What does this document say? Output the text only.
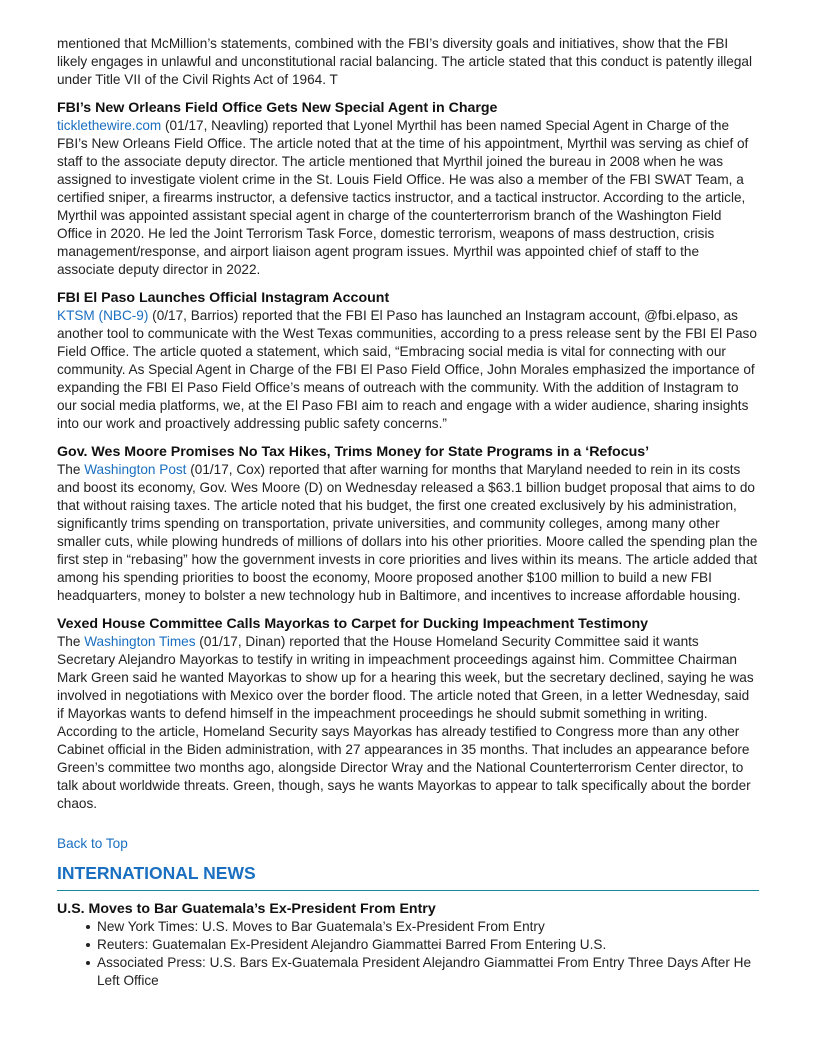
mentioned that McMillion’s statements, combined with the FBI’s diversity goals and initiatives, show that the FBI likely engages in unlawful and unconstitutional racial balancing. The article stated that this conduct is patently illegal under Title VII of the Civil Rights Act of 1964. T

FBI’s New Orleans Field Office Gets New Special Agent in Charge

ticklethewire.com (01/17, Neavling) reported that Lyonel Myrthil has been named Special Agent in Charge of the FBI’s New Orleans Field Office. The article noted that at the time of his appointment, Myrthil was serving as chief of staff to the associate deputy director. The article mentioned that Myrthil joined the bureau in 2008 when he was assigned to investigate violent crime in the St. Louis Field Office. He was also a member of the FBI SWAT Team, a certified sniper, a firearms instructor, a defensive tactics instructor, and a tactical instructor. According to the article, Myrthil was appointed assistant special agent in charge of the counterterrorism branch of the Washington Field Office in 2020. He led the Joint Terrorism Task Force, domestic terrorism, weapons of mass destruction, crisis management/response, and airport liaison agent program issues. Myrthil was appointed chief of staff to the associate deputy director in 2022.

FBI El Paso Launches Official Instagram Account

KTSM (NBC-9) (0/17, Barrios) reported that the FBI El Paso has launched an Instagram account, @fbi.elpaso, as another tool to communicate with the West Texas communities, according to a press release sent by the FBI El Paso Field Office. The article quoted a statement, which said, “Embracing social media is vital for connecting with our community. As Special Agent in Charge of the FBI El Paso Field Office, John Morales emphasized the importance of expanding the FBI El Paso Field Office’s means of outreach with the community. With the addition of Instagram to our social media platforms, we, at the El Paso FBI aim to reach and engage with a wider audience, sharing insights into our work and proactively addressing public safety concerns.”

Gov. Wes Moore Promises No Tax Hikes, Trims Money for State Programs in a ‘Refocus’

The Washington Post (01/17, Cox) reported that after warning for months that Maryland needed to rein in its costs and boost its economy, Gov. Wes Moore (D) on Wednesday released a $63.1 billion budget proposal that aims to do that without raising taxes. The article noted that his budget, the first one created exclusively by his administration, significantly trims spending on transportation, private universities, and community colleges, among many other smaller cuts, while plowing hundreds of millions of dollars into his other priorities. Moore called the spending plan the first step in “rebasing” how the government invests in core priorities and lives within its means. The article added that among his spending priorities to boost the economy, Moore proposed another $100 million to build a new FBI headquarters, money to bolster a new technology hub in Baltimore, and incentives to increase affordable housing.

Vexed House Committee Calls Mayorkas to Carpet for Ducking Impeachment Testimony

The Washington Times (01/17, Dinan) reported that the House Homeland Security Committee said it wants Secretary Alejandro Mayorkas to testify in writing in impeachment proceedings against him. Committee Chairman Mark Green said he wanted Mayorkas to show up for a hearing this week, but the secretary declined, saying he was involved in negotiations with Mexico over the border flood. The article noted that Green, in a letter Wednesday, said if Mayorkas wants to defend himself in the impeachment proceedings he should submit something in writing. According to the article, Homeland Security says Mayorkas has already testified to Congress more than any other Cabinet official in the Biden administration, with 27 appearances in 35 months. That includes an appearance before Green’s committee two months ago, alongside Director Wray and the National Counterterrorism Center director, to talk about worldwide threats. Green, though, says he wants Mayorkas to appear to talk specifically about the border chaos.

Back to Top
INTERNATIONAL NEWS

U.S. Moves to Bar Guatemala’s Ex-President From Entry

New York Times: U.S. Moves to Bar Guatemala’s Ex-President From Entry
Reuters: Guatemalan Ex-President Alejandro Giammattei Barred From Entering U.S.
Associated Press: U.S. Bars Ex-Guatemala President Alejandro Giammattei From Entry Three Days After He Left Office
